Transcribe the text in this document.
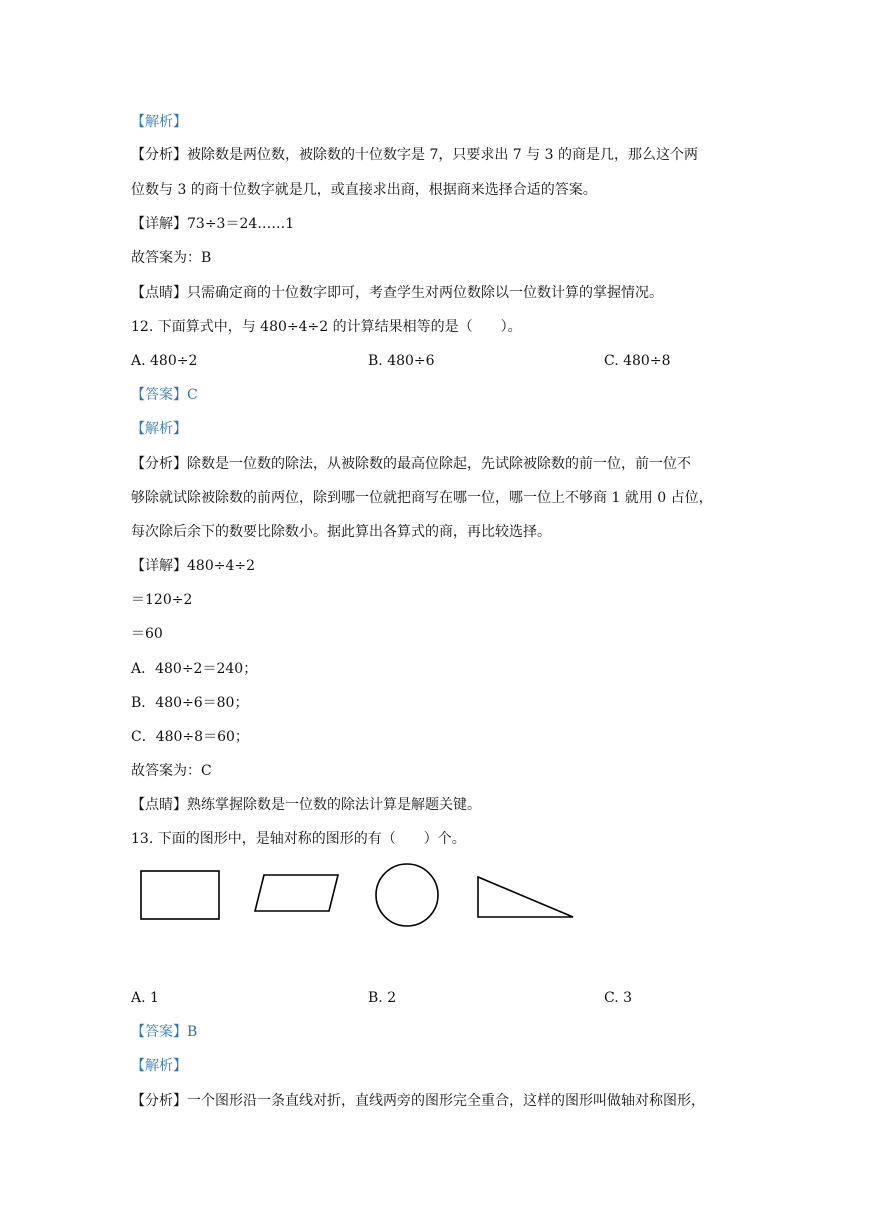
【解析】
【分析】被除数是两位数，被除数的十位数字是 7，只要求出 7 与 3 的商是几，那么这个两
位数与 3 的商十位数字就是几，或直接求出商，根据商来选择合适的答案。
【详解】73÷3＝24……1
故答案为：B
【点睛】只需确定商的十位数字即可，考查学生对两位数除以一位数计算的掌握情况。
12. 下面算式中，与 480÷4÷2 的计算结果相等的是（　　）。
A. 480÷2	B. 480÷6	C. 480÷8
【答案】C
【解析】
【分析】除数是一位数的除法，从被除数的最高位除起，先试除被除数的前一位，前一位不
够除就试除被除数的前两位，除到哪一位就把商写在哪一位，哪一位上不够商 1 就用 0 占位，
每次除后余下的数要比除数小。据此算出各算式的商，再比较选择。
【详解】480÷4÷2
＝120÷2
＝60
A．480÷2＝240；
B．480÷6＝80；
C．480÷8＝60；
故答案为：C
【点睛】熟练掌握除数是一位数的除法计算是解题关键。
13. 下面的图形中，是轴对称的图形的有（　　）个。
A. 1	B. 2	C. 3
【答案】B
【解析】
【分析】一个图形沿一条直线对折，直线两旁的图形完全重合，这样的图形叫做轴对称图形，
